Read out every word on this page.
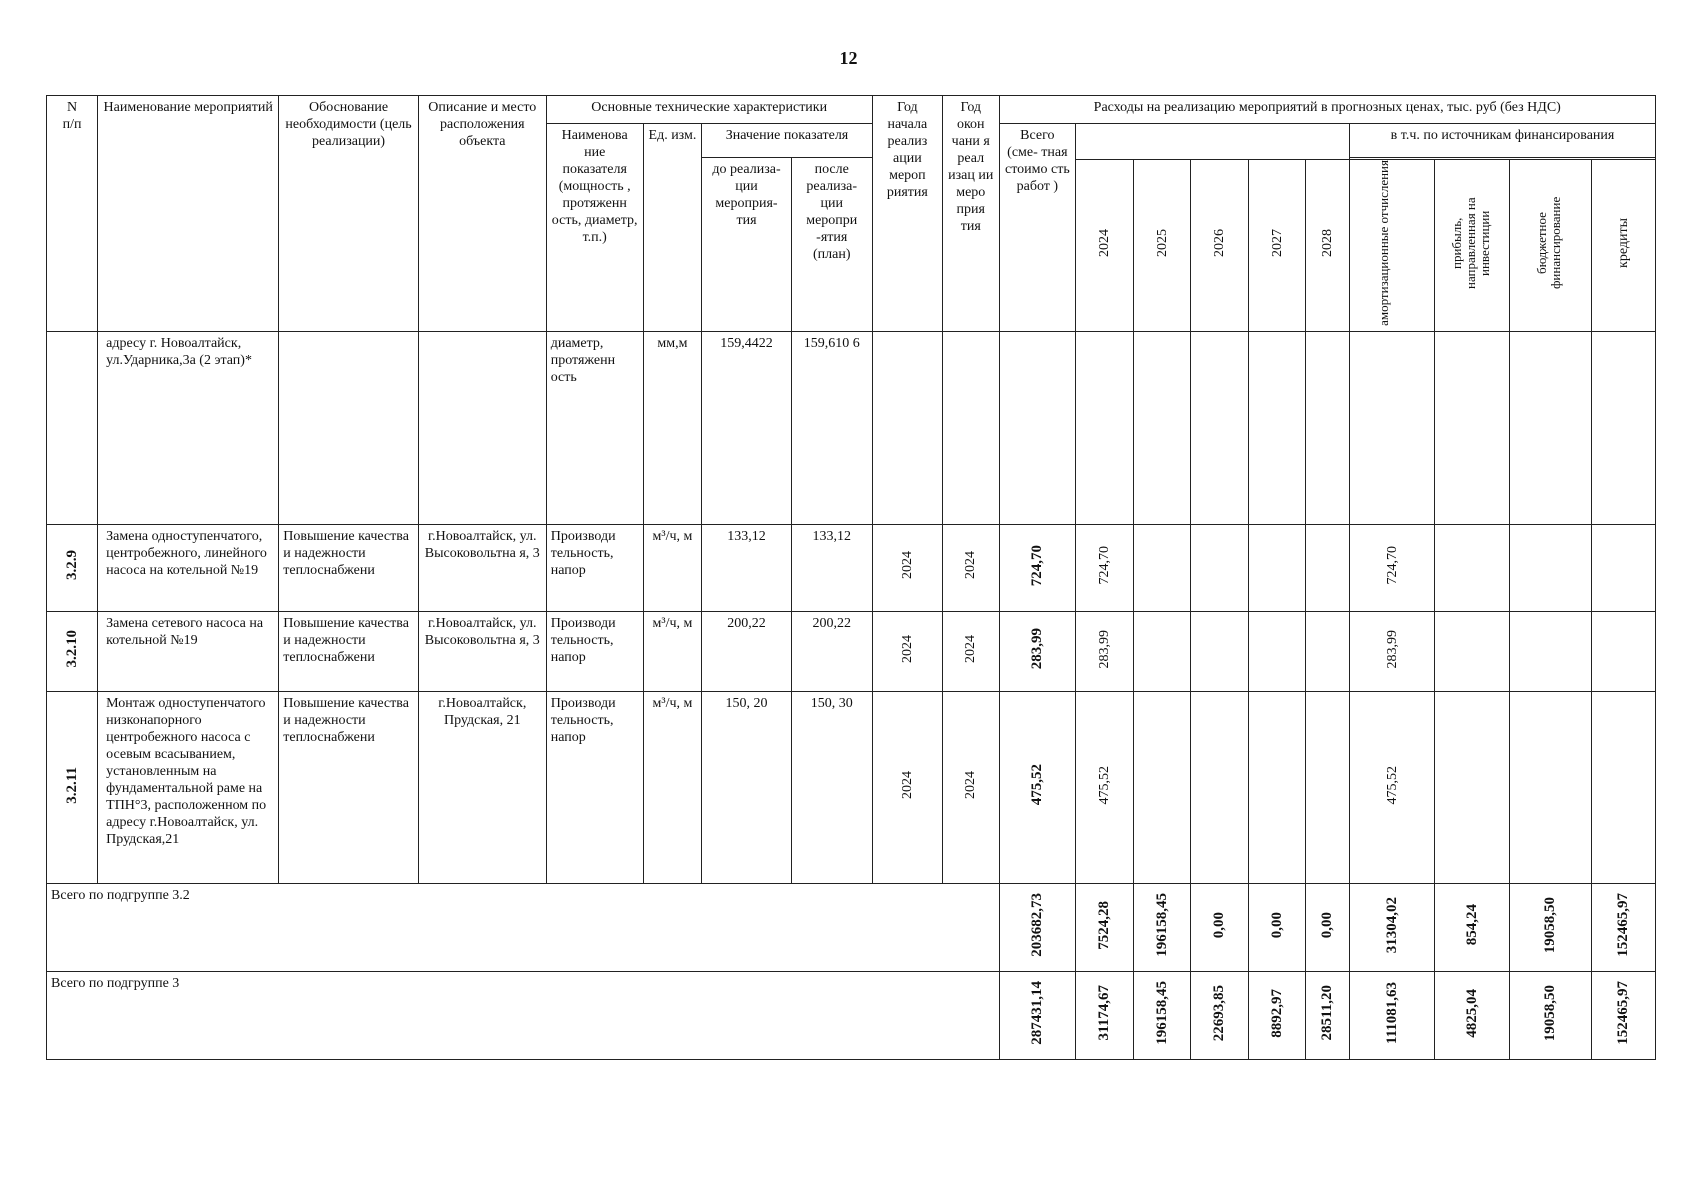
12
N
п/п	Наименование мероприятий	Обоснование необходимости (цель реализации)	Описание и место расположения объекта	Основные технические характеристики				Год начала реализ ации мероп риятия	Год окон чани я реал изац ии меро прия тия	Расходы на реализацию мероприятий в прогнозных ценах, тыс. руб (без НДС)									
				Наименова ние показателя (мощность , протяженн ость, диаметр, т.п.)	Ед. изм.	Значение показателя				Всего (сме- тная стоимо сть работ )						в т.ч. по источникам финансирования			
						до реализа- ции мероприя- тия	после реализа- ции меропри -ятия (план)												
											2024	2025	2026	2027	2028	амортизационные отчисления	прибыль, направленная на инвестиции	бюджетное финансирование	кредиты
	адресу г. Новоалтайск, ул.Ударника,3а (2 этап)*			диаметр, протяженн ость	мм,м	159,4422	159,610 6												
3.2.9	Замена одноступенчатого, центробежного, линейного насоса на котельной №19	Повышение качества и надежности теплоснабжени	г.Новоалтайск, ул. Высоковольтна я, 3	Производи тельность, напор	м³/ч, м	133,12	133,12	2024	2024	724,70	724,70					724,70			
3.2.10	Замена сетевого насоса на котельной №19	Повышение качества и надежности теплоснабжени	г.Новоалтайск, ул. Высоковольтна я, 3	Производи тельность, напор	м³/ч, м	200,22	200,22	2024	2024	283,99	283,99					283,99			
3.2.11	Монтаж одноступенчатого низконапорного центробежного насоса с осевым всасыванием, установленным на фундаментальной раме на ТПН°3, расположенном по адресу г.Новоалтайск, ул. Прудская,21	Повышение качества и надежности теплоснабжени	г.Новоалтайск, Прудская, 21	Производи тельность, напор	м³/ч, м	150, 20	150, 30	2024	2024	475,52	475,52					475,52			
Всего по подгруппе 3.2										203682,73	7524,28	196158,45	0,00	0,00	0,00	31304,02	854,24	19058,50	152465,97
Всего по подгруппе 3										287431,14	31174,67	196158,45	22693,85	8892,97	28511,20	111081,63	4825,04	19058,50	152465,97
